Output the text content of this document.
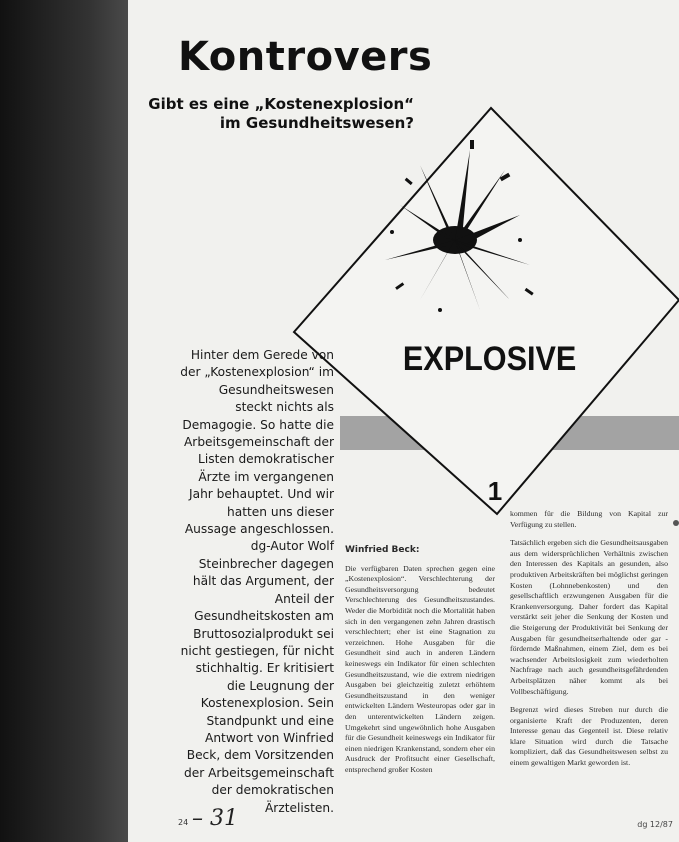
Kontrovers
Gibt es eine „Kostenexplosion“
im Gesundheitswesen?
EXPLOSIVE
1
Hinter dem Gerede von der „Kostenexplosion“ im Gesundheitswesen steckt nichts als Demagogie. So hatte die Arbeitsgemeinschaft der Listen demokratischer Ärzte im vergangenen Jahr behauptet. Und wir hatten uns dieser Aussage angeschlossen. dg-Autor Wolf Steinbrecher dagegen hält das Argument, der Anteil der Gesundheitskosten am Bruttosozialprodukt sei nicht gestiegen, für nicht stichhaltig. Er kritisiert die Leugnung der Kostenexplosion. Sein Standpunkt und eine Antwort von Winfried Beck, dem Vorsitzenden der Arbeitsgemeinschaft der demokratischen Ärztelisten.
Winfried Beck:

Die verfügbaren Daten sprechen gegen eine „Kostenexplosion“. Verschlechterung der Gesundheitsversorgung bedeutet Verschlechterung des Gesundheitszustandes. Weder die Morbidität noch die Mortalität haben sich in den vergangenen zehn Jahren drastisch verschlechtert; eher ist eine Stagnation zu verzeichnen. Hohe Ausgaben für die Gesundheit sind auch in anderen Ländern keineswegs ein Indikator für einen schlechten Gesundheitszustand, wie die extrem niedrigen Ausgaben bei gleichzeitig zuletzt erhöhtem Gesundheitszustand in den weniger entwickelten Ländern Westeuropas oder gar in den unterentwickelten Ländern zeigen. Umgekehrt sind ungewöhnlich hohe Ausgaben für die Gesundheit keineswegs ein Indikator für einen niedrigen Krankenstand, sondern eher ein Ausdruck der Profitsucht einer Gesellschaft, entsprechend großer Kosten

kommen für die Bildung von Kapital zur Verfügung zu stellen.

Tatsächlich ergeben sich die Gesundheitsausgaben aus dem widersprüchlichen Verhältnis zwischen den Interessen des Kapitals an gesunden, also produktiven Arbeitskräften bei möglichst geringen Kosten (Lohnnebenkosten) und den gesellschaftlich erzwungenen Ausgaben für die Krankenversorgung. Daher fordert das Kapital verstärkt seit jeher die Senkung der Kosten und die Steigerung der Produktivität bei Senkung der Ausgaben für gesundheitserhaltende oder gar -fördernde Maßnahmen, einem Ziel, dem es bei wachsender Arbeitslosigkeit zum wiederholten Nachfrage nach auch gesundheitsgefährdenden Arbeitsplätzen näher kommt als bei Vollbeschäftigung.

Begrenzt wird dieses Streben nur durch die organisierte Kraft der Produzenten, deren Interesse genau das Gegenteil ist. Diese relativ klare Situation wird durch die Tatsache kompliziert, daß das Gesundheitswesen selbst zu einem gewaltigen Markt geworden ist.

24 – 31	dg 12/87
